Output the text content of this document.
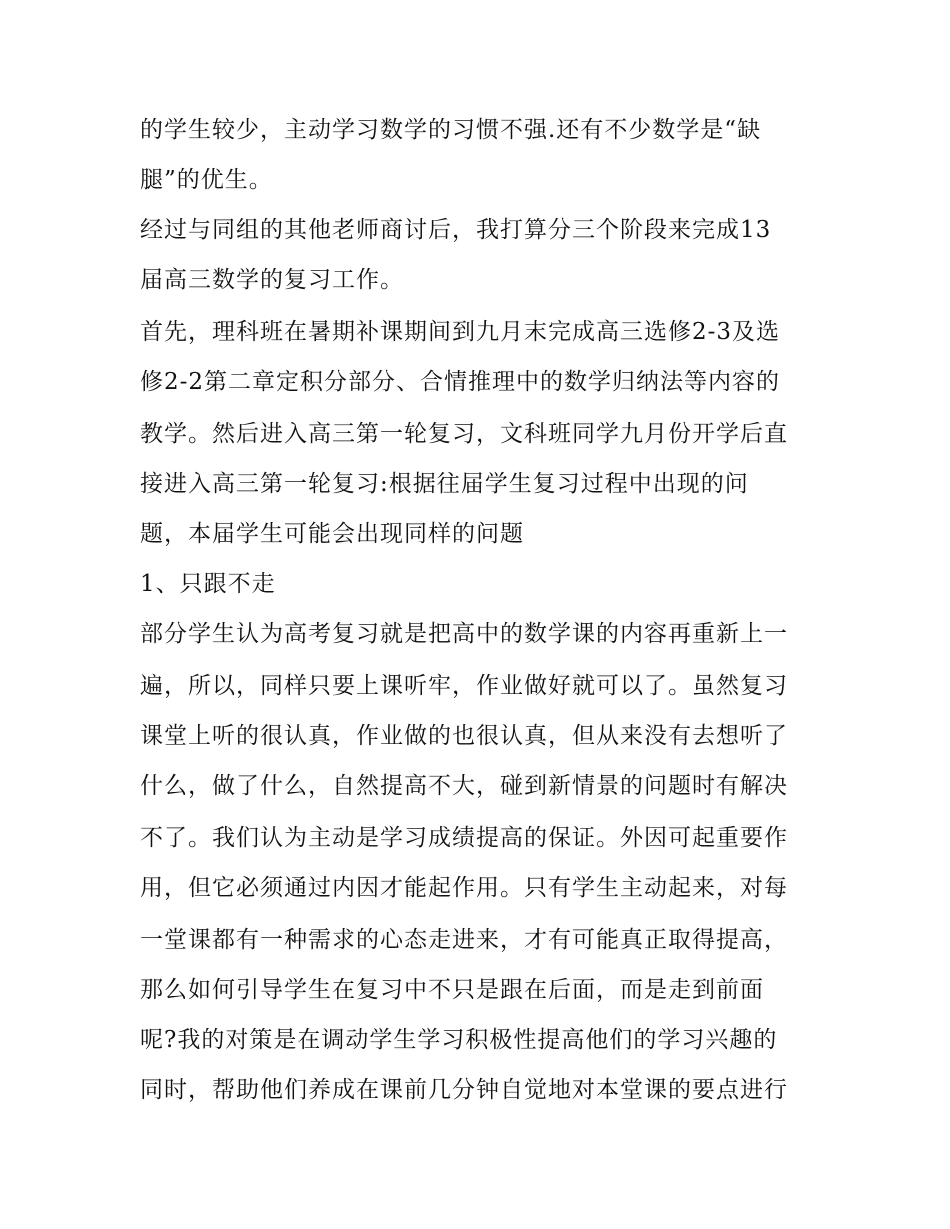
的学生较少，主动学习数学的习惯不强.还有不少数学是“缺
腿”的优生。
经过与同组的其他老师商讨后，我打算分三个阶段来完成13
届高三数学的复习工作。
首先，理科班在暑期补课期间到九月末完成高三选修2-3及选
修2-2第二章定积分部分、合情推理中的数学归纳法等内容的
教学。然后进入高三第一轮复习，文科班同学九月份开学后直
接进入高三第一轮复习:根据往届学生复习过程中出现的问
题，本届学生可能会出现同样的问题
1、只跟不走
部分学生认为高考复习就是把高中的数学课的内容再重新上一
遍，所以，同样只要上课听牢，作业做好就可以了。虽然复习
课堂上听的很认真，作业做的也很认真，但从来没有去想听了
什么，做了什么，自然提高不大，碰到新情景的问题时有解决
不了。我们认为主动是学习成绩提高的保证。外因可起重要作
用，但它必须通过内因才能起作用。只有学生主动起来，对每
一堂课都有一种需求的心态走进来，才有可能真正取得提高，
那么如何引导学生在复习中不只是跟在后面，而是走到前面
呢?我的对策是在调动学生学习积极性提高他们的学习兴趣的
同时，帮助他们养成在课前几分钟自觉地对本堂课的要点进行
